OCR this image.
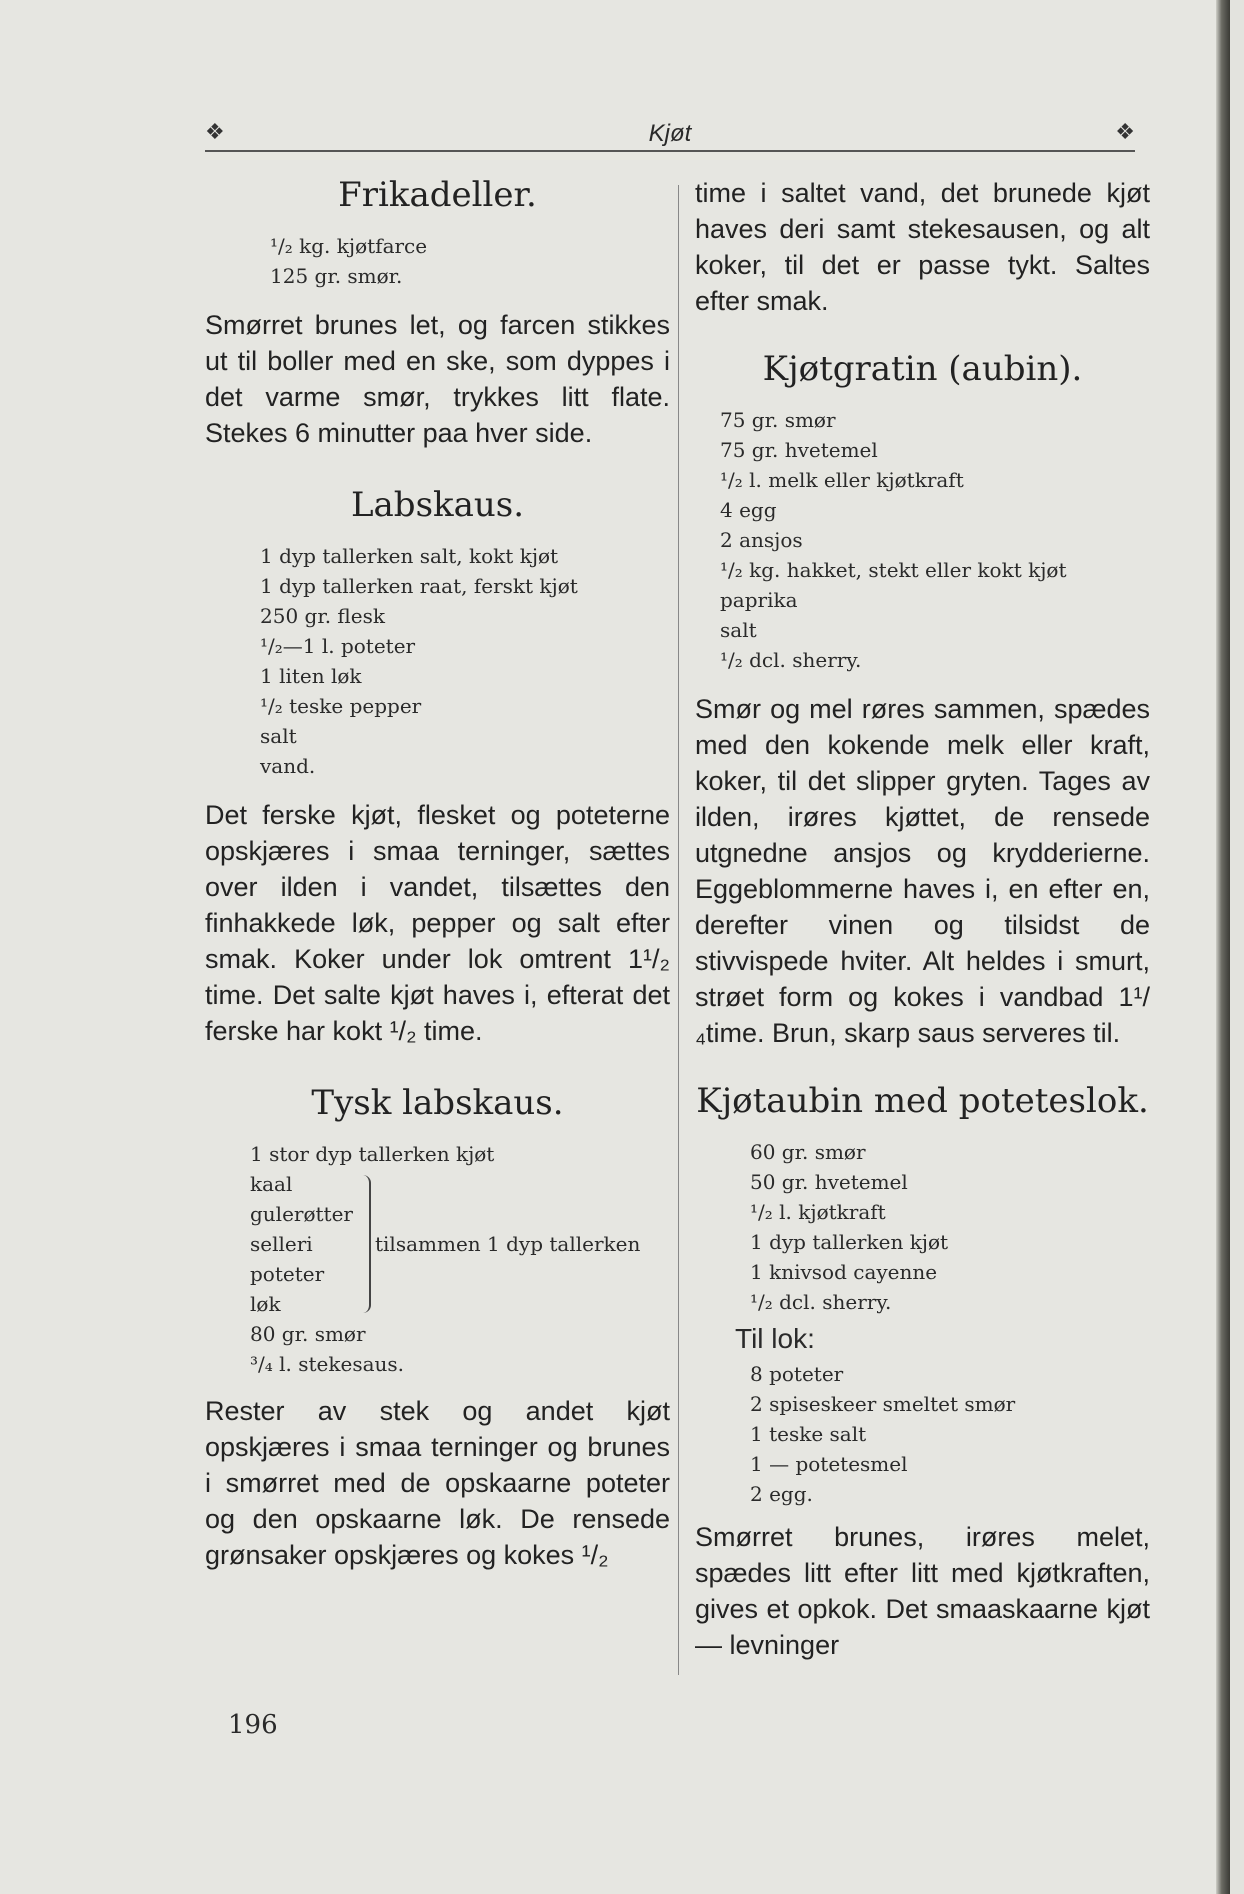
❖	Kjøt	❖
Frikadeller.
¹/₂ kg. kjøtfarce
125 gr. smør.

Smørret brunes let, og farcen stikkes ut til boller med en ske, som dyppes i det varme smør, trykkes litt flate. Stekes 6 minutter paa hver side.

Labskaus.
1 dyp tallerken salt, kokt kjøt
1 dyp tallerken raat, ferskt kjøt
250 gr. flesk
¹/₂—1 l. poteter
1 liten løk
¹/₂ teske pepper
salt
vand.

Det ferske kjøt, flesket og poteterne opskjæres i smaa terninger, sættes over ilden i vandet, tilsættes den finhakkede løk, pepper og salt efter smak. Koker under lok omtrent 1¹/₂ time. Det salte kjøt haves i, efterat det ferske har kokt ¹/₂ time.

Tysk labskaus.
1 stor dyp tallerken kjøt
kaal
gulerøtter
selleri
poteter
løk
tilsammen 1 dyp tallerken
80 gr. smør
³/₄ l. stekesaus.

Rester av stek og andet kjøt opskjæres i smaa terninger og brunes i smørret med de opskaarne poteter og den opskaarne løk. De rensede grønsaker opskjæres og kokes ¹/₂

196

time i saltet vand, det brunede kjøt haves deri samt stekesausen, og alt koker, til det er passe tykt. Saltes efter smak.

Kjøtgratin (aubin).
75 gr. smør
75 gr. hvetemel
¹/₂ l. melk eller kjøtkraft
4 egg
2 ansjos
¹/₂ kg. hakket, stekt eller kokt kjøt
paprika
salt
¹/₂ dcl. sherry.

Smør og mel røres sammen, spædes med den kokende melk eller kraft, koker, til det slipper gryten. Tages av ilden, irøres kjøttet, de rensede utgnedne ansjos og krydderierne. Eggeblommerne haves i, en efter en, derefter vinen og tilsidst de stivvispede hviter. Alt heldes i smurt, strøet form og kokes i vandbad 1¹/₄time. Brun, skarp saus serveres til.

Kjøtaubin med poteteslok.
60 gr. smør
50 gr. hvetemel
¹/₂ l. kjøtkraft
1 dyp tallerken kjøt
1 knivsod cayenne
¹/₂ dcl. sherry.
Til lok:
8 poteter
2 spiseskeer smeltet smør
1 teske salt
1 — potetesmel
2 egg.

Smørret brunes, irøres melet, spædes litt efter litt med kjøtkraften, gives et opkok. Det smaaskaarne kjøt — levninger
